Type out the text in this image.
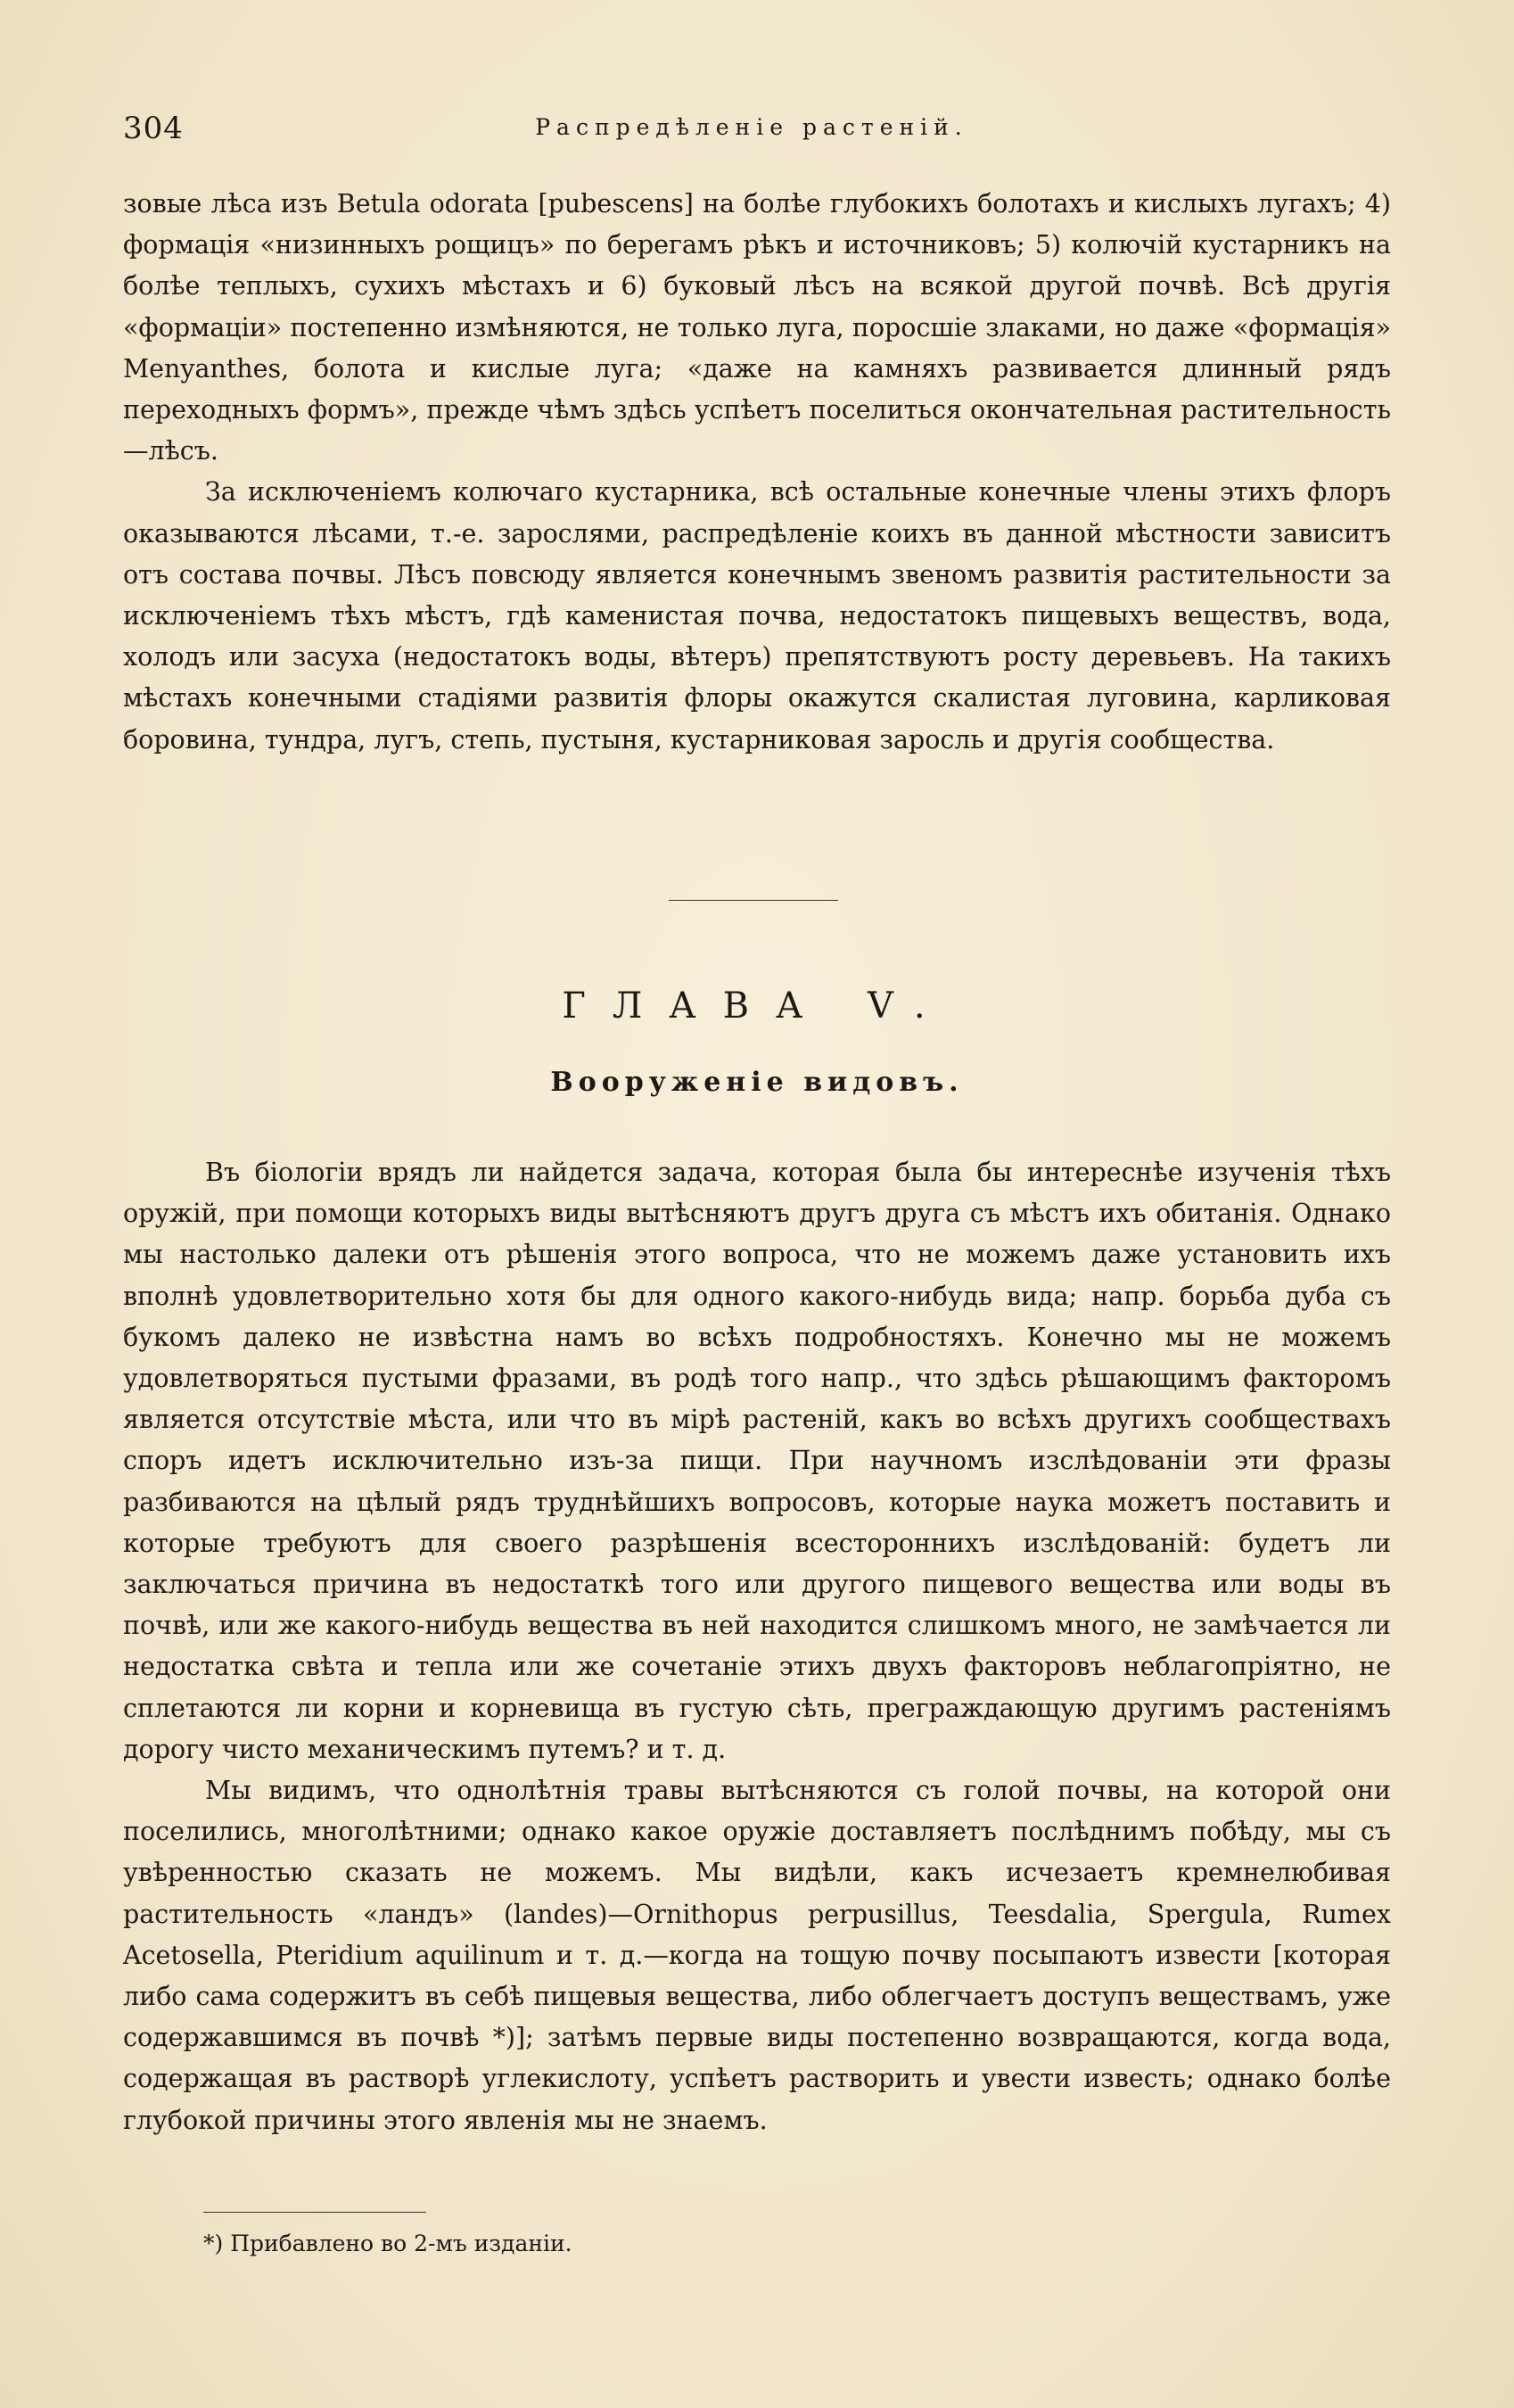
304	Распредѣленіе растеній.

зовые лѣса изъ Betula odorata [pubescens] на болѣе глубокихъ болотахъ и кислыхъ лугахъ; 4) формація «низинныхъ рощицъ» по берегамъ рѣкъ и источниковъ; 5) колючій кустарникъ на болѣе теплыхъ, сухихъ мѣстахъ и 6) буковый лѣсъ на всякой другой почвѣ. Всѣ другія «формаціи» постепенно измѣняются, не только луга, поросшіе злаками, но даже «формація» Menyanthes, болота и кислые луга; «даже на камняхъ развивается длинный рядъ переходныхъ формъ», прежде чѣмъ здѣсь успѣетъ поселиться окончательная растительность—лѣсъ.

За исключеніемъ колючаго кустарника, всѣ остальные конечные члены этихъ флоръ оказываются лѣсами, т.-е. зарослями, распредѣленіе коихъ въ данной мѣстности зависитъ отъ состава почвы. Лѣсъ повсюду является конечнымъ звеномъ развитія растительности за исключеніемъ тѣхъ мѣстъ, гдѣ каменистая почва, недостатокъ пищевыхъ веществъ, вода, холодъ или засуха (недостатокъ воды, вѣтеръ) препятствуютъ росту деревьевъ. На такихъ мѣстахъ конечными стадіями развитія флоры окажутся скалистая луговина, карликовая боровина, тундра, лугъ, степь, пустыня, кустарниковая заросль и другія сообщества.

ГЛАВА V.
Вооруженіе видовъ.

Въ біологіи врядъ ли найдется задача, которая была бы интереснѣе изученія тѣхъ оружій, при помощи которыхъ виды вытѣсняютъ другъ друга съ мѣстъ ихъ обитанія. Однако мы настолько далеки отъ рѣшенія этого вопроса, что не можемъ даже установить ихъ вполнѣ удовлетворительно хотя бы для одного какого-нибудь вида; напр. борьба дуба съ букомъ далеко не извѣстна намъ во всѣхъ подробностяхъ. Конечно мы не можемъ удовлетворяться пустыми фразами, въ родѣ того напр., что здѣсь рѣшающимъ факторомъ является отсутствіе мѣста, или что въ мірѣ растеній, какъ во всѣхъ другихъ сообществахъ споръ идетъ исключительно изъ-за пищи. При научномъ изслѣдованіи эти фразы разбиваются на цѣлый рядъ труднѣйшихъ вопросовъ, которые наука можетъ поставить и которые требуютъ для своего разрѣшенія всестороннихъ изслѣдованій: будетъ ли заключаться причина въ недостаткѣ того или другого пищевого вещества или воды въ почвѣ, или же какого-нибудь вещества въ ней находится слишкомъ много, не замѣчается ли недостатка свѣта и тепла или же сочетаніе этихъ двухъ факторовъ неблагопріятно, не сплетаются ли корни и корневища въ густую сѣть, преграждающую другимъ растеніямъ дорогу чисто механическимъ путемъ? и т. д.

Мы видимъ, что однолѣтнія травы вытѣсняются съ голой почвы, на которой они поселились, многолѣтними; однако какое оружіе доставляетъ послѣднимъ побѣду, мы съ увѣренностью сказать не можемъ. Мы видѣли, какъ исчезаетъ кремнелюбивая растительность «ландъ» (landes)—Ornithopus perpusillus, Teesdalia, Spergula, Rumex Acetosella, Pteridium aquilinum и т. д.—когда на тощую почву посыпаютъ извести [которая либо сама содержитъ въ себѣ пищевыя вещества, либо облегчаетъ доступъ веществамъ, уже содержавшимся въ почвѣ *)]; затѣмъ первые виды постепенно возвращаются, когда вода, содержащая въ растворѣ углекислоту, успѣетъ растворить и увести известь; однако болѣе глубокой причины этого явленія мы не знаемъ.

*) Прибавлено во 2-мъ изданіи.
